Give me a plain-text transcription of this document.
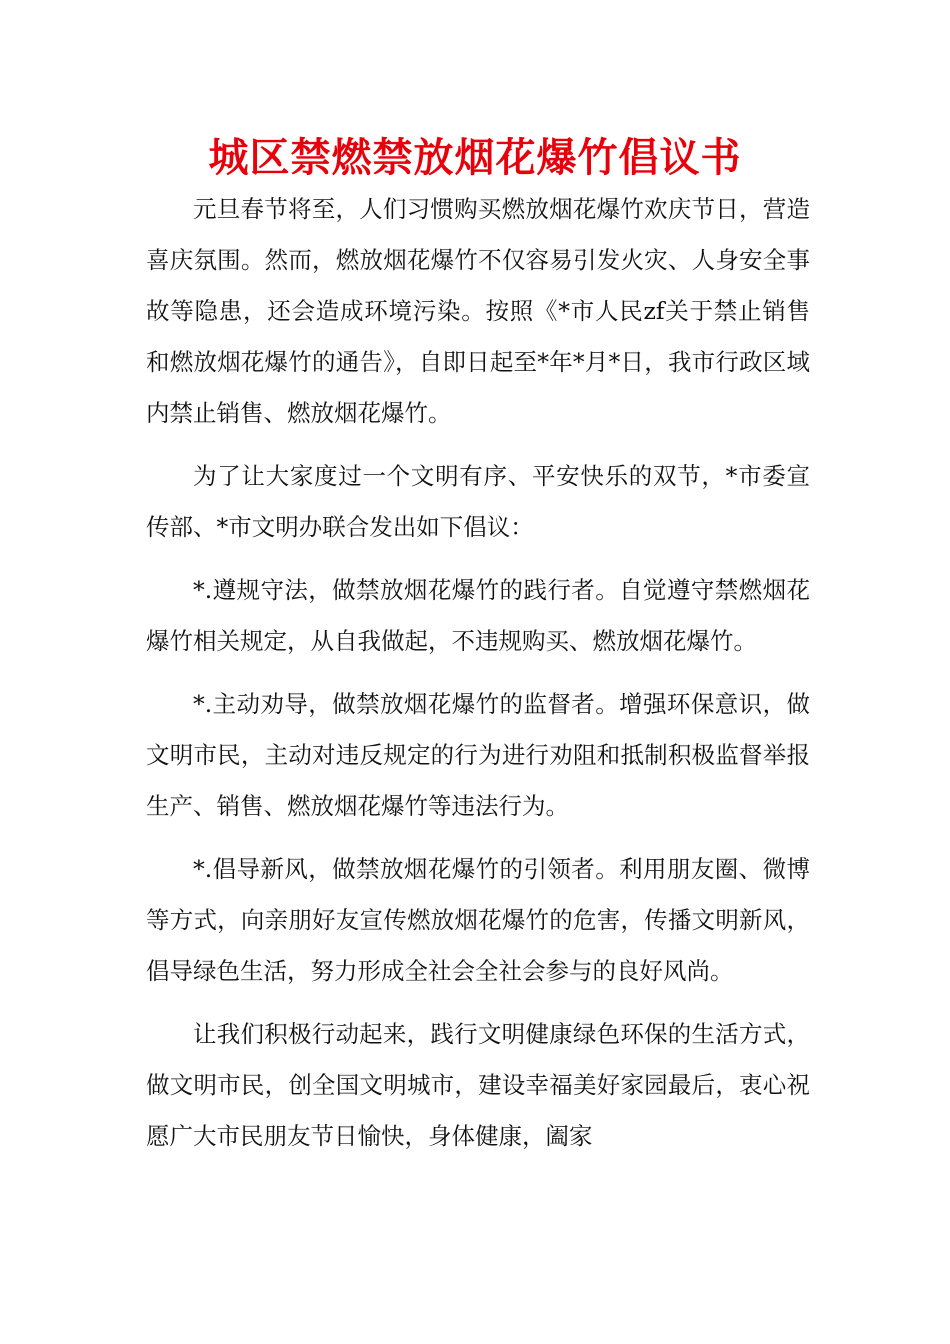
城区禁燃禁放烟花爆竹倡议书

元旦春节将至，人们习惯购买燃放烟花爆竹欢庆节日，营造喜庆氛围。然而，燃放烟花爆竹不仅容易引发火灾、人身安全事故等隐患，还会造成环境污染。按照《*市人民zf关于禁止销售和燃放烟花爆竹的通告》，自即日起至*年*月*日，我市行政区域内禁止销售、燃放烟花爆竹。

为了让大家度过一个文明有序、平安快乐的双节，*市委宣传部、*市文明办联合发出如下倡议：

*.遵规守法，做禁放烟花爆竹的践行者。自觉遵守禁燃烟花爆竹相关规定，从自我做起，不违规购买、燃放烟花爆竹。

*.主动劝导，做禁放烟花爆竹的监督者。增强环保意识，做文明市民，主动对违反规定的行为进行劝阻和抵制积极监督举报生产、销售、燃放烟花爆竹等违法行为。

*.倡导新风，做禁放烟花爆竹的引领者。利用朋友圈、微博等方式，向亲朋好友宣传燃放烟花爆竹的危害，传播文明新风，倡导绿色生活，努力形成全社会全社会参与的良好风尚。

让我们积极行动起来，践行文明健康绿色环保的生活方式，做文明市民，创全国文明城市，建设幸福美好家园最后，衷心祝愿广大市民朋友节日愉快，身体健康，阖家
